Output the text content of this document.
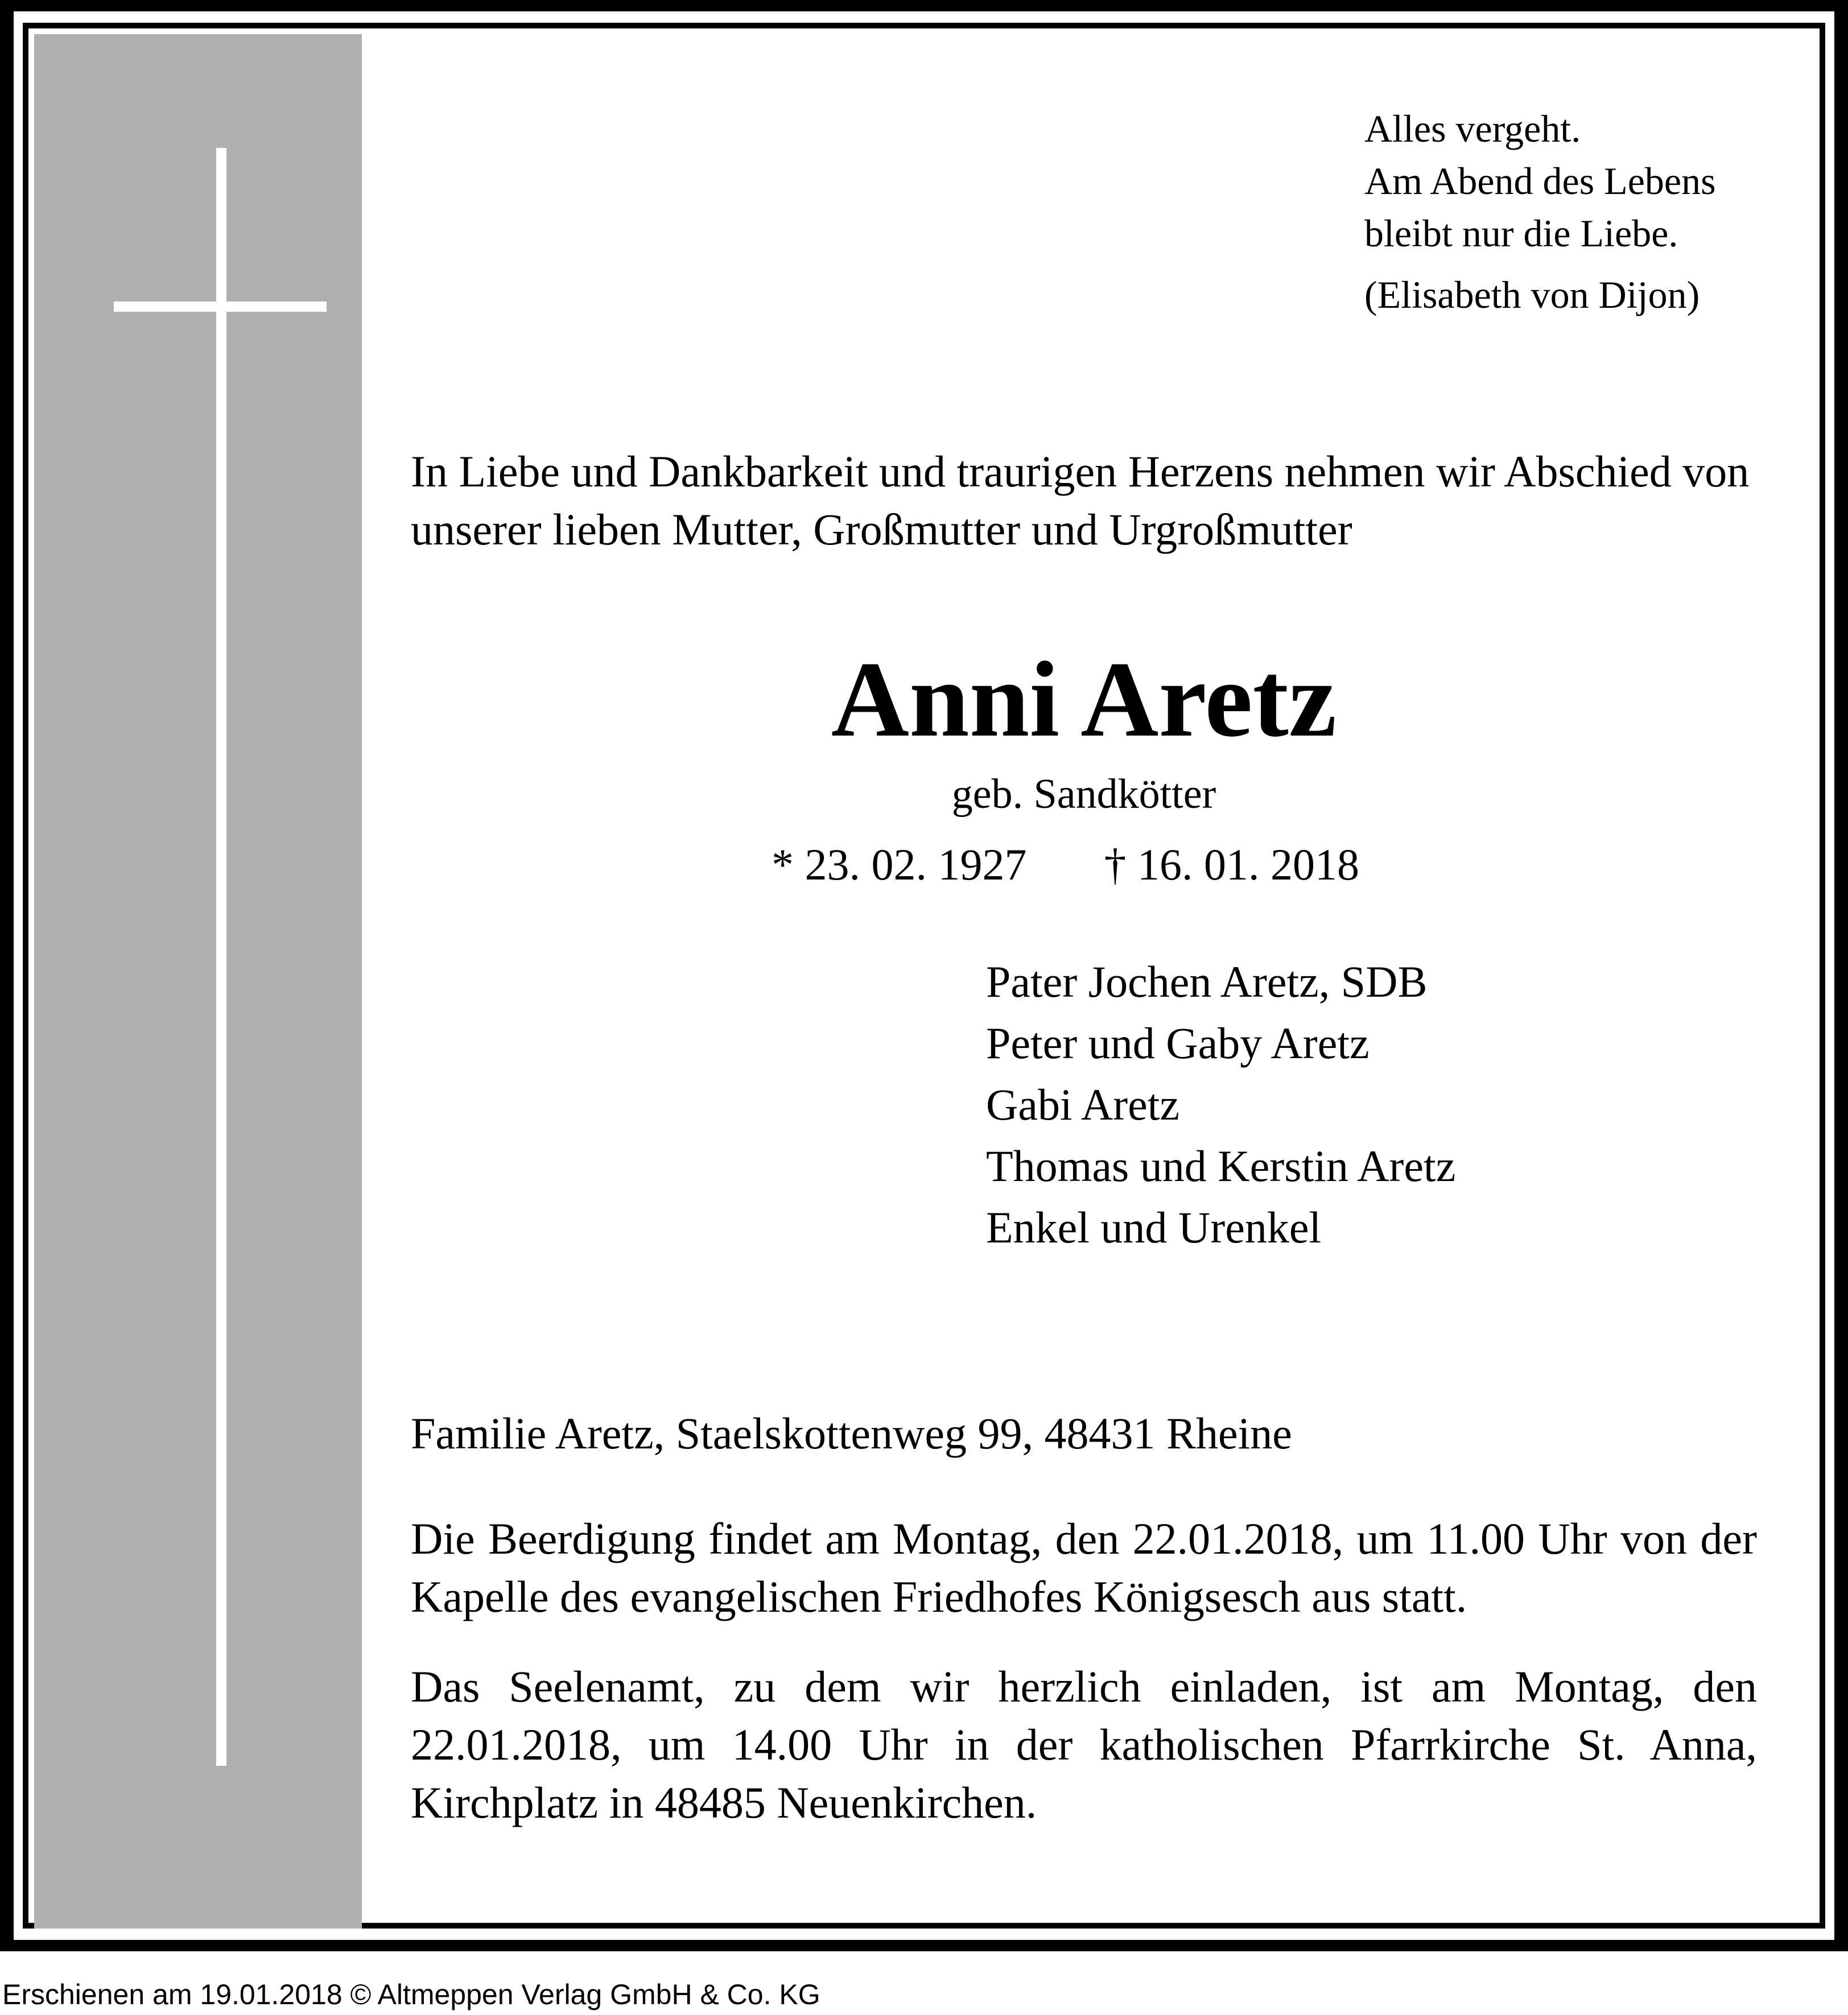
Alles vergeht.
Am Abend des Lebens
bleibt nur die Liebe.
(Elisabeth von Dijon)
In Liebe und Dankbarkeit und traurigen Herzens nehmen wir Abschied von unserer lieben Mutter, Großmutter und Urgroßmutter
Anni Aretz
geb. Sandkötter
* 23. 02. 1927 † 16. 01. 2018
Pater Jochen Aretz, SDB
Peter und Gaby Aretz
Gabi Aretz
Thomas und Kerstin Aretz
Enkel und Urenkel
Familie Aretz, Staelskottenweg 99, 48431 Rheine
Die Beerdigung findet am Montag, den 22.01.2018, um 11.00 Uhr von der Kapelle des evangelischen Friedhofes Königsesch aus statt.
Das Seelenamt, zu dem wir herzlich einladen, ist am Montag, den 22.01.2018, um 14.00 Uhr in der katholischen Pfarrkirche St. Anna, Kirchplatz in 48485 Neuenkirchen.
Erschienen am 19.01.2018 © Altmeppen Verlag GmbH & Co. KG
